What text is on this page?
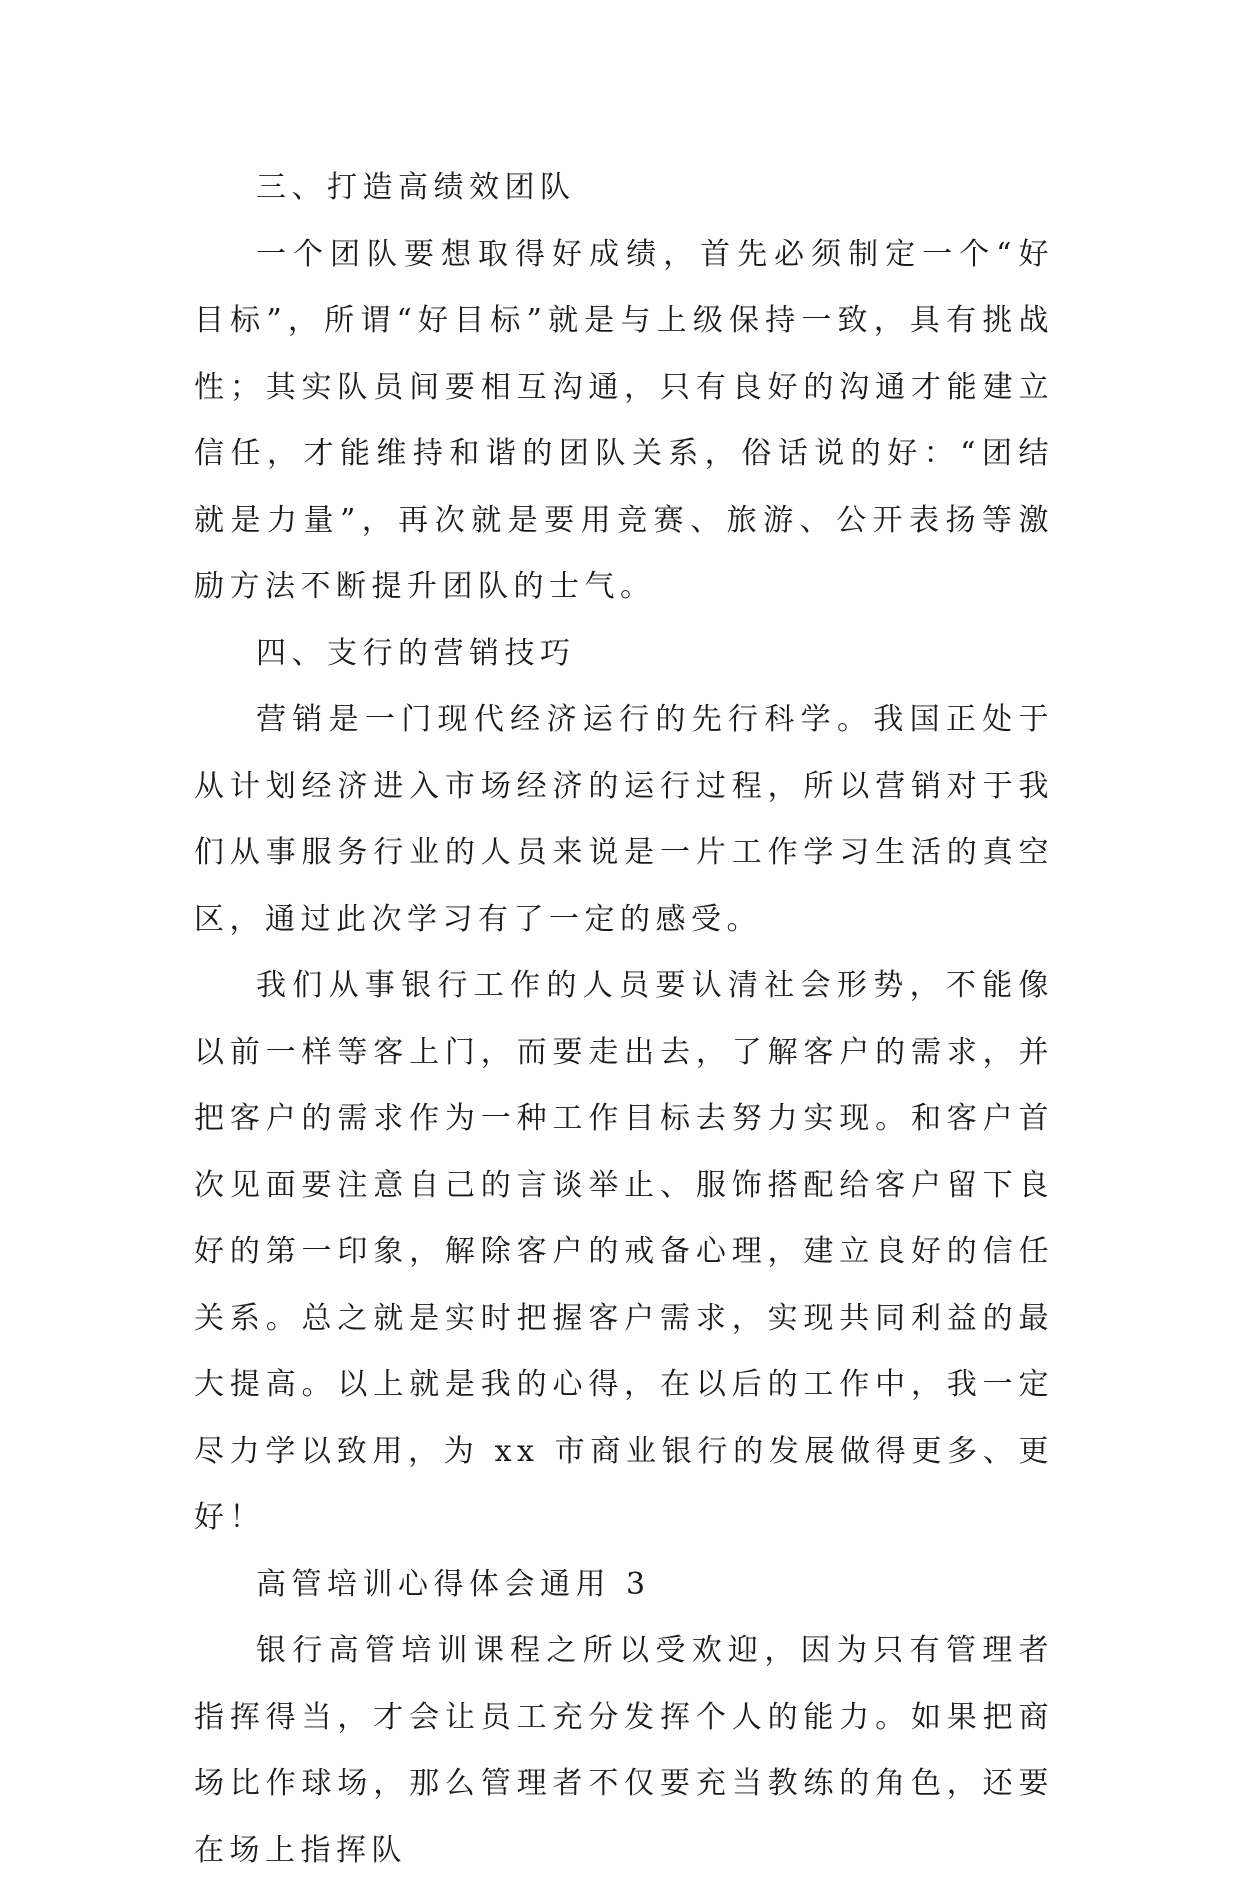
三、打造高绩效团队

一个团队要想取得好成绩，首先必须制定一个“好目标”，所谓“好目标”就是与上级保持一致，具有挑战性；其实队员间要相互沟通，只有良好的沟通才能建立信任，才能维持和谐的团队关系，俗话说的好：“团结就是力量”，再次就是要用竞赛、旅游、公开表扬等激励方法不断提升团队的士气。

四、支行的营销技巧

营销是一门现代经济运行的先行科学。我国正处于从计划经济进入市场经济的运行过程，所以营销对于我们从事服务行业的人员来说是一片工作学习生活的真空区，通过此次学习有了一定的感受。

我们从事银行工作的人员要认清社会形势，不能像以前一样等客上门，而要走出去，了解客户的需求，并把客户的需求作为一种工作目标去努力实现。和客户首次见面要注意自己的言谈举止、服饰搭配给客户留下良好的第一印象，解除客户的戒备心理，建立良好的信任关系。总之就是实时把握客户需求，实现共同利益的最大提高。以上就是我的心得，在以后的工作中，我一定尽力学以致用，为 xx 市商业银行的发展做得更多、更好！

高管培训心得体会通用 3

银行高管培训课程之所以受欢迎，因为只有管理者指挥得当，才会让员工充分发挥个人的能力。如果把商场比作球场，那么管理者不仅要充当教练的角色，还要在场上指挥队
